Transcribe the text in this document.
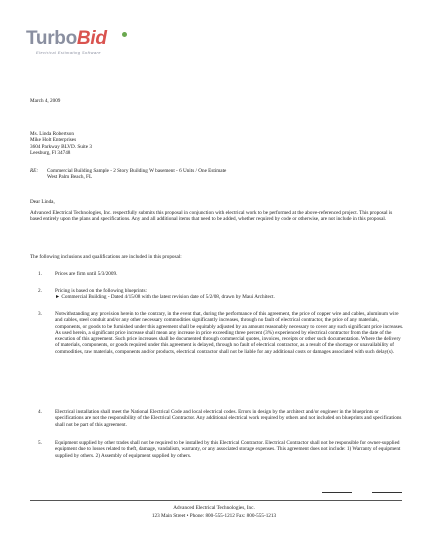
Turbo Bid
Electrical Estimating Software
March 4, 2009
Ms. Linda Robertson
Mike Holt Enterprises
3604 Parkway BLVD. Suite 3
Leesburg, Fl 34748
RE: Commercial Building Sample - 2 Story Building W basement - 6 Units / One Estimate
West Palm Beach, FL
Dear Linda,
Advanced Electrical Technologies, Inc. respectfully submits this proposal in conjunction with electrical work to be performed at the above-referenced project. This proposal is based entirely upon the plans and specifications. Any and all additional items that need to be added, whether required by code or otherwise, are not include in this proposal.
The following inclusions and qualifications are included in this proposal:
1.	Prices are firm until 5/3/2009.
2.	Pricing is based on the following blueprints:
► Commercial Building - Dated 4/15/08 with the latest revision date of 5/2/08, drawn by Maui Architect.
3.	Notwithstanding any provision herein to the contrary, in the event that, during the performance of this agreement, the price of copper wire and cables, aluminum wire and cables, steel conduit and/or any other necessary commodities significantly increases, through no fault of electrical contractor, the price of any materials, components, or goods to be furnished under this agreement shall be equitably adjusted by an amount reasonably necessary to cover any such significant price increases. As used herein, a significant price increase shall mean any increase in price exceeding three percent (3%) experienced by electrical contractor from the date of the execution of this agreement. Such price increases shall be documented through commercial quotes, invoices, receipts or other such documentation. Where the delivery of materials, components, or goods required under this agreement is delayed, through no fault of electrical contractor, as a result of the shortage or unavailability of commodities, raw materials, components and/or products, electrical contractor shall not be liable for any additional costs or damages associated with such delay(s).
4.	Electrical installation shall meet the National Electrical Code and local electrical codes. Errors in design by the architect and/or engineer in the blueprints or specifications are not the responsibility of the Electrical Contractor. Any additional electrical work required by others and not included on blueprints and specifications shall not be part of this agreement.
5.	Equipment supplied by other trades shall not be required to be installed by this Electrical Contractor. Electrical Contractor shall not be responsible for owner-supplied equipment due to losses related to theft, damage, vandalism, warranty, or any associated storage expenses. This agreement does not include: 1) Warranty of equipment supplied by others. 2) Assembly of equipment supplied by others.
Advanced Electrical Technologies, Inc.
123 Main Street • Phone: 800-555-1212 Fax: 800-555-1213
